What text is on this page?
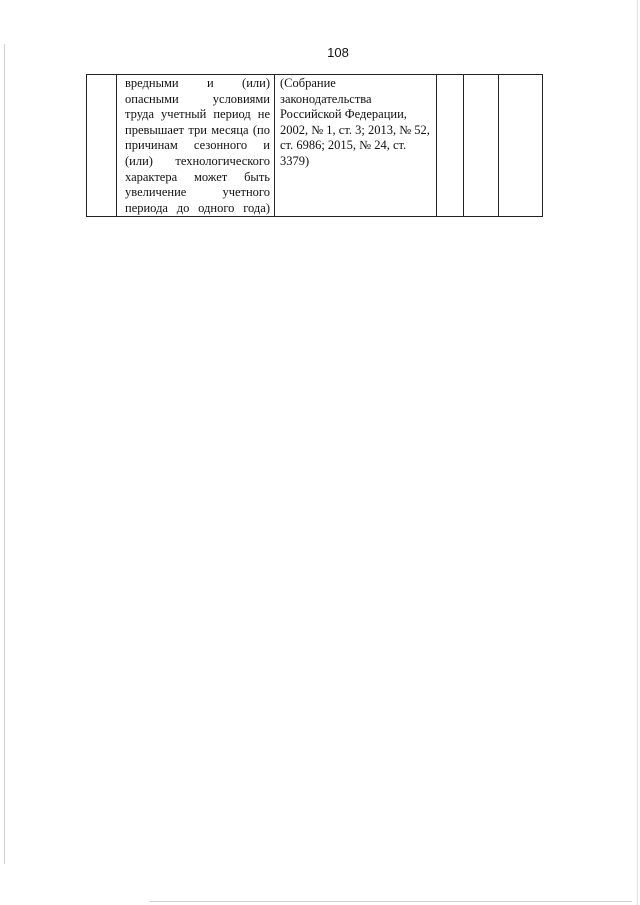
108

вредными и (или)
опасными	условиями
труда учетный период не
превышает три месяца (по
причинам сезонного и
(или) технологического
характера может быть
увеличение	учетного
периода до одного года)

(Собрание
законодательства
Российской Федерации,
2002, № 1, ст. 3; 2013, № 52,
ст. 6986; 2015, № 24, ст.
3379)
